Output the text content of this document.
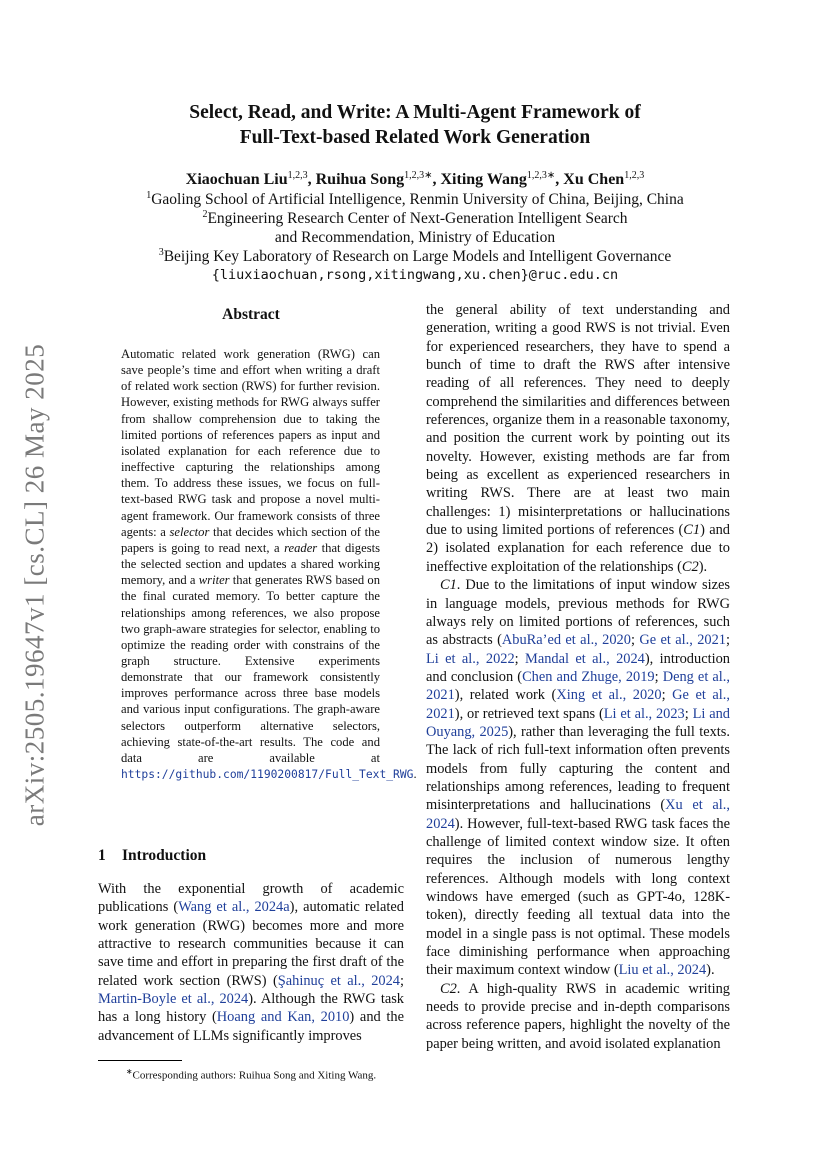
arXiv:2505.19647v1 [cs.CL] 26 May 2025
Select, Read, and Write: A Multi-Agent Framework of
Full-Text-based Related Work Generation
Xiaochuan Liu$^{1,2,3}$, Ruihua Song$^{1,2,3∗}$, Xiting Wang$^{1,2,3∗}$, Xu Chen$^{1,2,3}$
$^1$Gaoling School of Artificial Intelligence, Renmin University of China, Beijing, China
$^2$Engineering Research Center of Next-Generation Intelligent Search
and Recommendation, Ministry of Education
$^3$Beijing Key Laboratory of Research on Large Models and Intelligent Governance
{liuxiaochuan,rsong,xitingwang,xu.chen}@ruc.edu.cn
Abstract
Automatic related work generation (RWG) can save people’s time and effort when writing a draft of related work section (RWS) for further revision. However, existing methods for RWG always suffer from shallow comprehension due to taking the limited portions of references papers as input and isolated explanation for each reference due to ineffective capturing the relationships among them. To address these issues, we focus on full-text-based RWG task and propose a novel multi-agent framework. Our framework consists of three agents: a selector that decides which section of the papers is going to read next, a reader that digests the selected section and updates a shared working memory, and a writer that generates RWS based on the final curated memory. To better capture the relationships among references, we also propose two graph-aware strategies for selector, enabling to optimize the reading order with constrains of the graph structure. Extensive experiments demonstrate that our framework consistently improves performance across three base models and various input configurations. The graph-aware selectors outperform alternative selectors, achieving state-of-the-art results. The code and data are available at https://github.com/1190200817/Full_Text_RWG.
1 Introduction

With the exponential growth of academic publications (Wang et al., 2024a), automatic related work generation (RWG) becomes more and more attractive to research communities because it can save time and effort in preparing the first draft of the related work section (RWS) (Şahinuç et al., 2024; Martin-Boyle et al., 2024). Although the RWG task has a long history (Hoang and Kan, 2010) and the advancement of LLMs significantly improves

∗Corresponding authors: Ruihua Song and Xiting Wang.

the general ability of text understanding and generation, writing a good RWS is not trivial. Even for experienced researchers, they have to spend a bunch of time to draft the RWS after intensive reading of all references. They need to deeply comprehend the similarities and differences between references, organize them in a reasonable taxonomy, and position the current work by pointing out its novelty. However, existing methods are far from being as excellent as experienced researchers in writing RWS. There are at least two main challenges: 1) misinterpretations or hallucinations due to using limited portions of references (C1) and 2) isolated explanation for each reference due to ineffective exploitation of the relationships (C2).

C1. Due to the limitations of input window sizes in language models, previous methods for RWG always rely on limited portions of references, such as abstracts (AbuRa’ed et al., 2020; Ge et al., 2021; Li et al., 2022; Mandal et al., 2024), introduction and conclusion (Chen and Zhuge, 2019; Deng et al., 2021), related work (Xing et al., 2020; Ge et al., 2021), or retrieved text spans (Li et al., 2023; Li and Ouyang, 2025), rather than leveraging the full texts. The lack of rich full-text information often prevents models from fully capturing the content and relationships among references, leading to frequent misinterpretations and hallucinations (Xu et al., 2024). However, full-text-based RWG task faces the challenge of limited context window size. It often requires the inclusion of numerous lengthy references. Although models with long context windows have emerged (such as GPT-4o, 128K-token), directly feeding all textual data into the model in a single pass is not optimal. These models face diminishing performance when approaching their maximum context window (Liu et al., 2024).

C2. A high-quality RWS in academic writing needs to provide precise and in-depth comparisons across reference papers, highlight the novelty of the paper being written, and avoid isolated explanation
